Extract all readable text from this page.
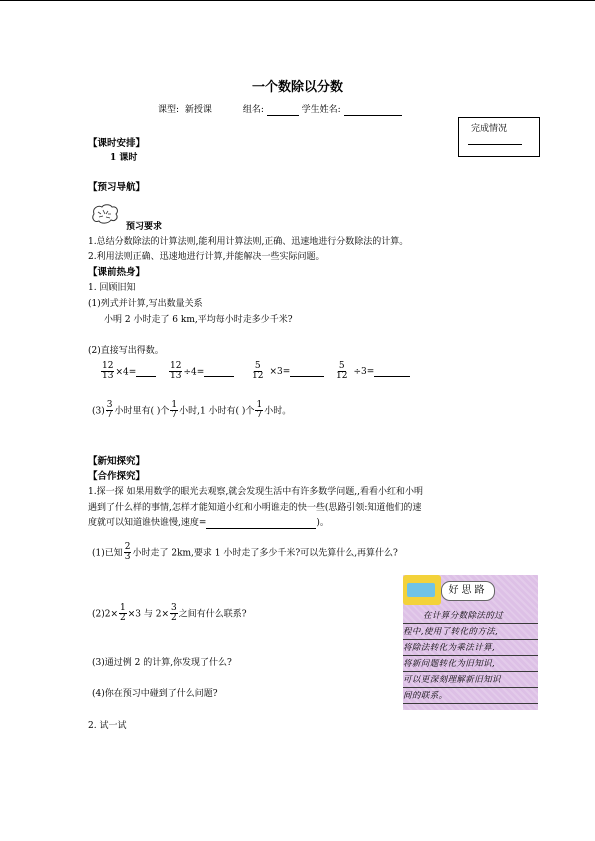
一个数除以分数
课型: 新授课	组名:	学生姓名:
完成情况
【课时安排】
1 课时
【预习导航】
预习要求
1.总结分数除法的计算法则,能利用计算法则,正确、迅速地进行分数除法的计算。
2.利用法则正确、迅速地进行计算,并能解决一些实际问题。
【课前热身】
1. 回顾旧知
(1)列式并计算,写出数量关系
小明 2 小时走了 6 km,平均每小时走多少千米?
(2)直接写出得数。
$\frac{12}{13} \times 4=$	$\frac{12}{13} \div 4=$	$\frac{5}{12} \times 3=$	$\frac{5}{12} \div 3=$
$(3) \frac{3}{7}$ 小时里有( )个 $\frac{1}{7}$ 小时,1 小时有( )个 $\frac{1}{7}$ 小时。
【新知探究】
【合作探究】
1.探一探 如果用数学的眼光去观察,就会发现生活中有许多数学问题,,看看小红和小明
遇到了什么样的事情,怎样才能知道小红和小明谁走的快一些(思路引领:知道他们的速
度就可以知道谁快谁慢,速度=	)。
(1)已知 $\frac{2}{3}$ 小时走了 2km,要求 1 小时走了多少千米?可以先算什么,再算什么?
$(2)2\times \frac{1}{2} \times 3$ 与 $2\times \frac{3}{2}$ 之间有什么联系?
(3)通过例 2 的计算,你发现了什么?
(4)你在预习中碰到了什么问题?
2. 试一试
好思路
在计算分数除法的过
程中,使用了转化的方法,
将除法转化为乘法计算,
将新问题转化为旧知识,
可以更深刻理解新旧知识
间的联系。
